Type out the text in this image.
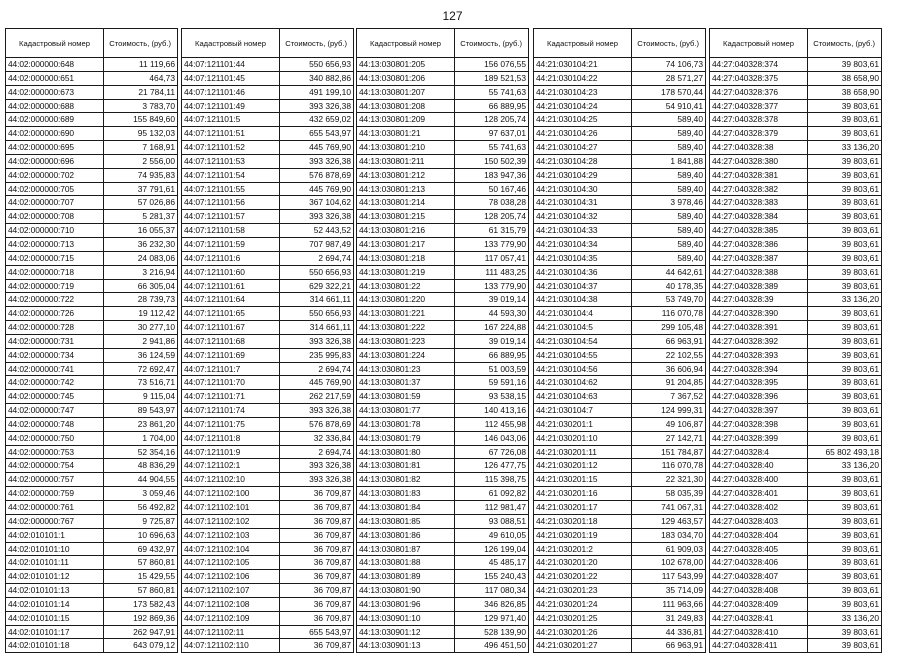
127
Кадастровый номер	Стоимость, (руб.)
44:02:000000:648	11 119,66
44:02:000000:651	464,73
44:02:000000:673	21 784,11
44:02:000000:688	3 783,70
44:02:000000:689	155 849,60
44:02:000000:690	95 132,03
44:02:000000:695	7 168,91
44:02:000000:696	2 556,00
44:02:000000:702	74 935,83
44:02:000000:705	37 791,61
44:02:000000:707	57 026,86
44:02:000000:708	5 281,37
44:02:000000:710	16 055,37
44:02:000000:713	36 232,30
44:02:000000:715	24 083,06
44:02:000000:718	3 216,94
44:02:000000:719	66 305,04
44:02:000000:722	28 739,73
44:02:000000:726	19 112,42
44:02:000000:728	30 277,10
44:02:000000:731	2 941,86
44:02:000000:734	36 124,59
44:02:000000:741	72 692,47
44:02:000000:742	73 516,71
44:02:000000:745	9 115,04
44:02:000000:747	89 543,97
44:02:000000:748	23 861,20
44:02:000000:750	1 704,00
44:02:000000:753	52 354,16
44:02:000000:754	48 836,29
44:02:000000:757	44 904,55
44:02:000000:759	3 059,46
44:02:000000:761	56 492,82
44:02:000000:767	9 725,87
44:02:010101:1	10 696,63
44:02:010101:10	69 432,97
44:02:010101:11	57 860,81
44:02:010101:12	15 429,55
44:02:010101:13	57 860,81
44:02:010101:14	173 582,43
44:02:010101:15	192 869,36
44:02:010101:17	262 947,91
44:02:010101:18	643 079,12
Кадастровый номер	Стоимость, (руб.)
44:07:121101:44	550 656,93
44:07:121101:45	340 882,86
44:07:121101:46	491 199,10
44:07:121101:49	393 326,38
44:07:121101:5	432 659,02
44:07:121101:51	655 543,97
44:07:121101:52	445 769,90
44:07:121101:53	393 326,38
44:07:121101:54	576 878,69
44:07:121101:55	445 769,90
44:07:121101:56	367 104,62
44:07:121101:57	393 326,38
44:07:121101:58	52 443,52
44:07:121101:59	707 987,49
44:07:121101:6	2 694,74
44:07:121101:60	550 656,93
44:07:121101:61	629 322,21
44:07:121101:64	314 661,11
44:07:121101:65	550 656,93
44:07:121101:67	314 661,11
44:07:121101:68	393 326,38
44:07:121101:69	235 995,83
44:07:121101:7	2 694,74
44:07:121101:70	445 769,90
44:07:121101:71	262 217,59
44:07:121101:74	393 326,38
44:07:121101:75	576 878,69
44:07:121101:8	32 336,84
44:07:121101:9	2 694,74
44:07:121102:1	393 326,38
44:07:121102:10	393 326,38
44:07:121102:100	36 709,87
44:07:121102:101	36 709,87
44:07:121102:102	36 709,87
44:07:121102:103	36 709,87
44:07:121102:104	36 709,87
44:07:121102:105	36 709,87
44:07:121102:106	36 709,87
44:07:121102:107	36 709,87
44:07:121102:108	36 709,87
44:07:121102:109	36 709,87
44:07:121102:11	655 543,97
44:07:121102:110	36 709,87
Кадастровый номер	Стоимость, (руб.)
44:13:030801:205	156 076,55
44:13:030801:206	189 521,53
44:13:030801:207	55 741,63
44:13:030801:208	66 889,95
44:13:030801:209	128 205,74
44:13:030801:21	97 637,01
44:13:030801:210	55 741,63
44:13:030801:211	150 502,39
44:13:030801:212	183 947,36
44:13:030801:213	50 167,46
44:13:030801:214	78 038,28
44:13:030801:215	128 205,74
44:13:030801:216	61 315,79
44:13:030801:217	133 779,90
44:13:030801:218	117 057,41
44:13:030801:219	111 483,25
44:13:030801:22	133 779,90
44:13:030801:220	39 019,14
44:13:030801:221	44 593,30
44:13:030801:222	167 224,88
44:13:030801:223	39 019,14
44:13:030801:224	66 889,95
44:13:030801:23	51 003,59
44:13:030801:37	59 591,16
44:13:030801:59	93 538,15
44:13:030801:77	140 413,16
44:13:030801:78	112 455,98
44:13:030801:79	146 043,06
44:13:030801:80	67 726,08
44:13:030801:81	126 477,75
44:13:030801:82	115 398,75
44:13:030801:83	61 092,82
44:13:030801:84	112 981,47
44:13:030801:85	93 088,51
44:13:030801:86	49 610,05
44:13:030801:87	126 199,04
44:13:030801:88	45 485,17
44:13:030801:89	155 240,43
44:13:030801:90	117 080,34
44:13:030801:96	346 826,85
44:13:030901:10	129 971,40
44:13:030901:12	528 139,90
44:13:030901:13	496 451,50
Кадастровый номер	Стоимость, (руб.)
44:21:030104:21	74 106,73
44:21:030104:22	28 571,27
44:21:030104:23	178 570,44
44:21:030104:24	54 910,41
44:21:030104:25	589,40
44:21:030104:26	589,40
44:21:030104:27	589,40
44:21:030104:28	1 841,88
44:21:030104:29	589,40
44:21:030104:30	589,40
44:21:030104:31	3 978,46
44:21:030104:32	589,40
44:21:030104:33	589,40
44:21:030104:34	589,40
44:21:030104:35	589,40
44:21:030104:36	44 642,61
44:21:030104:37	40 178,35
44:21:030104:38	53 749,70
44:21:030104:4	116 070,78
44:21:030104:5	299 105,48
44:21:030104:54	66 963,91
44:21:030104:55	22 102,55
44:21:030104:56	36 606,94
44:21:030104:62	91 204,85
44:21:030104:63	7 367,52
44:21:030104:7	124 999,31
44:21:030201:1	49 106,87
44:21:030201:10	27 142,71
44:21:030201:11	151 784,87
44:21:030201:12	116 070,78
44:21:030201:15	22 321,30
44:21:030201:16	58 035,39
44:21:030201:17	741 067,31
44:21:030201:18	129 463,57
44:21:030201:19	183 034,70
44:21:030201:2	61 909,03
44:21:030201:20	102 678,00
44:21:030201:22	117 543,99
44:21:030201:23	35 714,09
44:21:030201:24	111 963,66
44:21:030201:25	31 249,83
44:21:030201:26	44 336,81
44:21:030201:27	66 963,91
Кадастровый номер	Стоимость, (руб.)
44:27:040328:374	39 803,61
44:27:040328:375	38 658,90
44:27:040328:376	38 658,90
44:27:040328:377	39 803,61
44:27:040328:378	39 803,61
44:27:040328:379	39 803,61
44:27:040328:38	33 136,20
44:27:040328:380	39 803,61
44:27:040328:381	39 803,61
44:27:040328:382	39 803,61
44:27:040328:383	39 803,61
44:27:040328:384	39 803,61
44:27:040328:385	39 803,61
44:27:040328:386	39 803,61
44:27:040328:387	39 803,61
44:27:040328:388	39 803,61
44:27:040328:389	39 803,61
44:27:040328:39	33 136,20
44:27:040328:390	39 803,61
44:27:040328:391	39 803,61
44:27:040328:392	39 803,61
44:27:040328:393	39 803,61
44:27:040328:394	39 803,61
44:27:040328:395	39 803,61
44:27:040328:396	39 803,61
44:27:040328:397	39 803,61
44:27:040328:398	39 803,61
44:27:040328:399	39 803,61
44:27:040328:4	65 802 493,18
44:27:040328:40	33 136,20
44:27:040328:400	39 803,61
44:27:040328:401	39 803,61
44:27:040328:402	39 803,61
44:27:040328:403	39 803,61
44:27:040328:404	39 803,61
44:27:040328:405	39 803,61
44:27:040328:406	39 803,61
44:27:040328:407	39 803,61
44:27:040328:408	39 803,61
44:27:040328:409	39 803,61
44:27:040328:41	33 136,20
44:27:040328:410	39 803,61
44:27:040328:411	39 803,61
